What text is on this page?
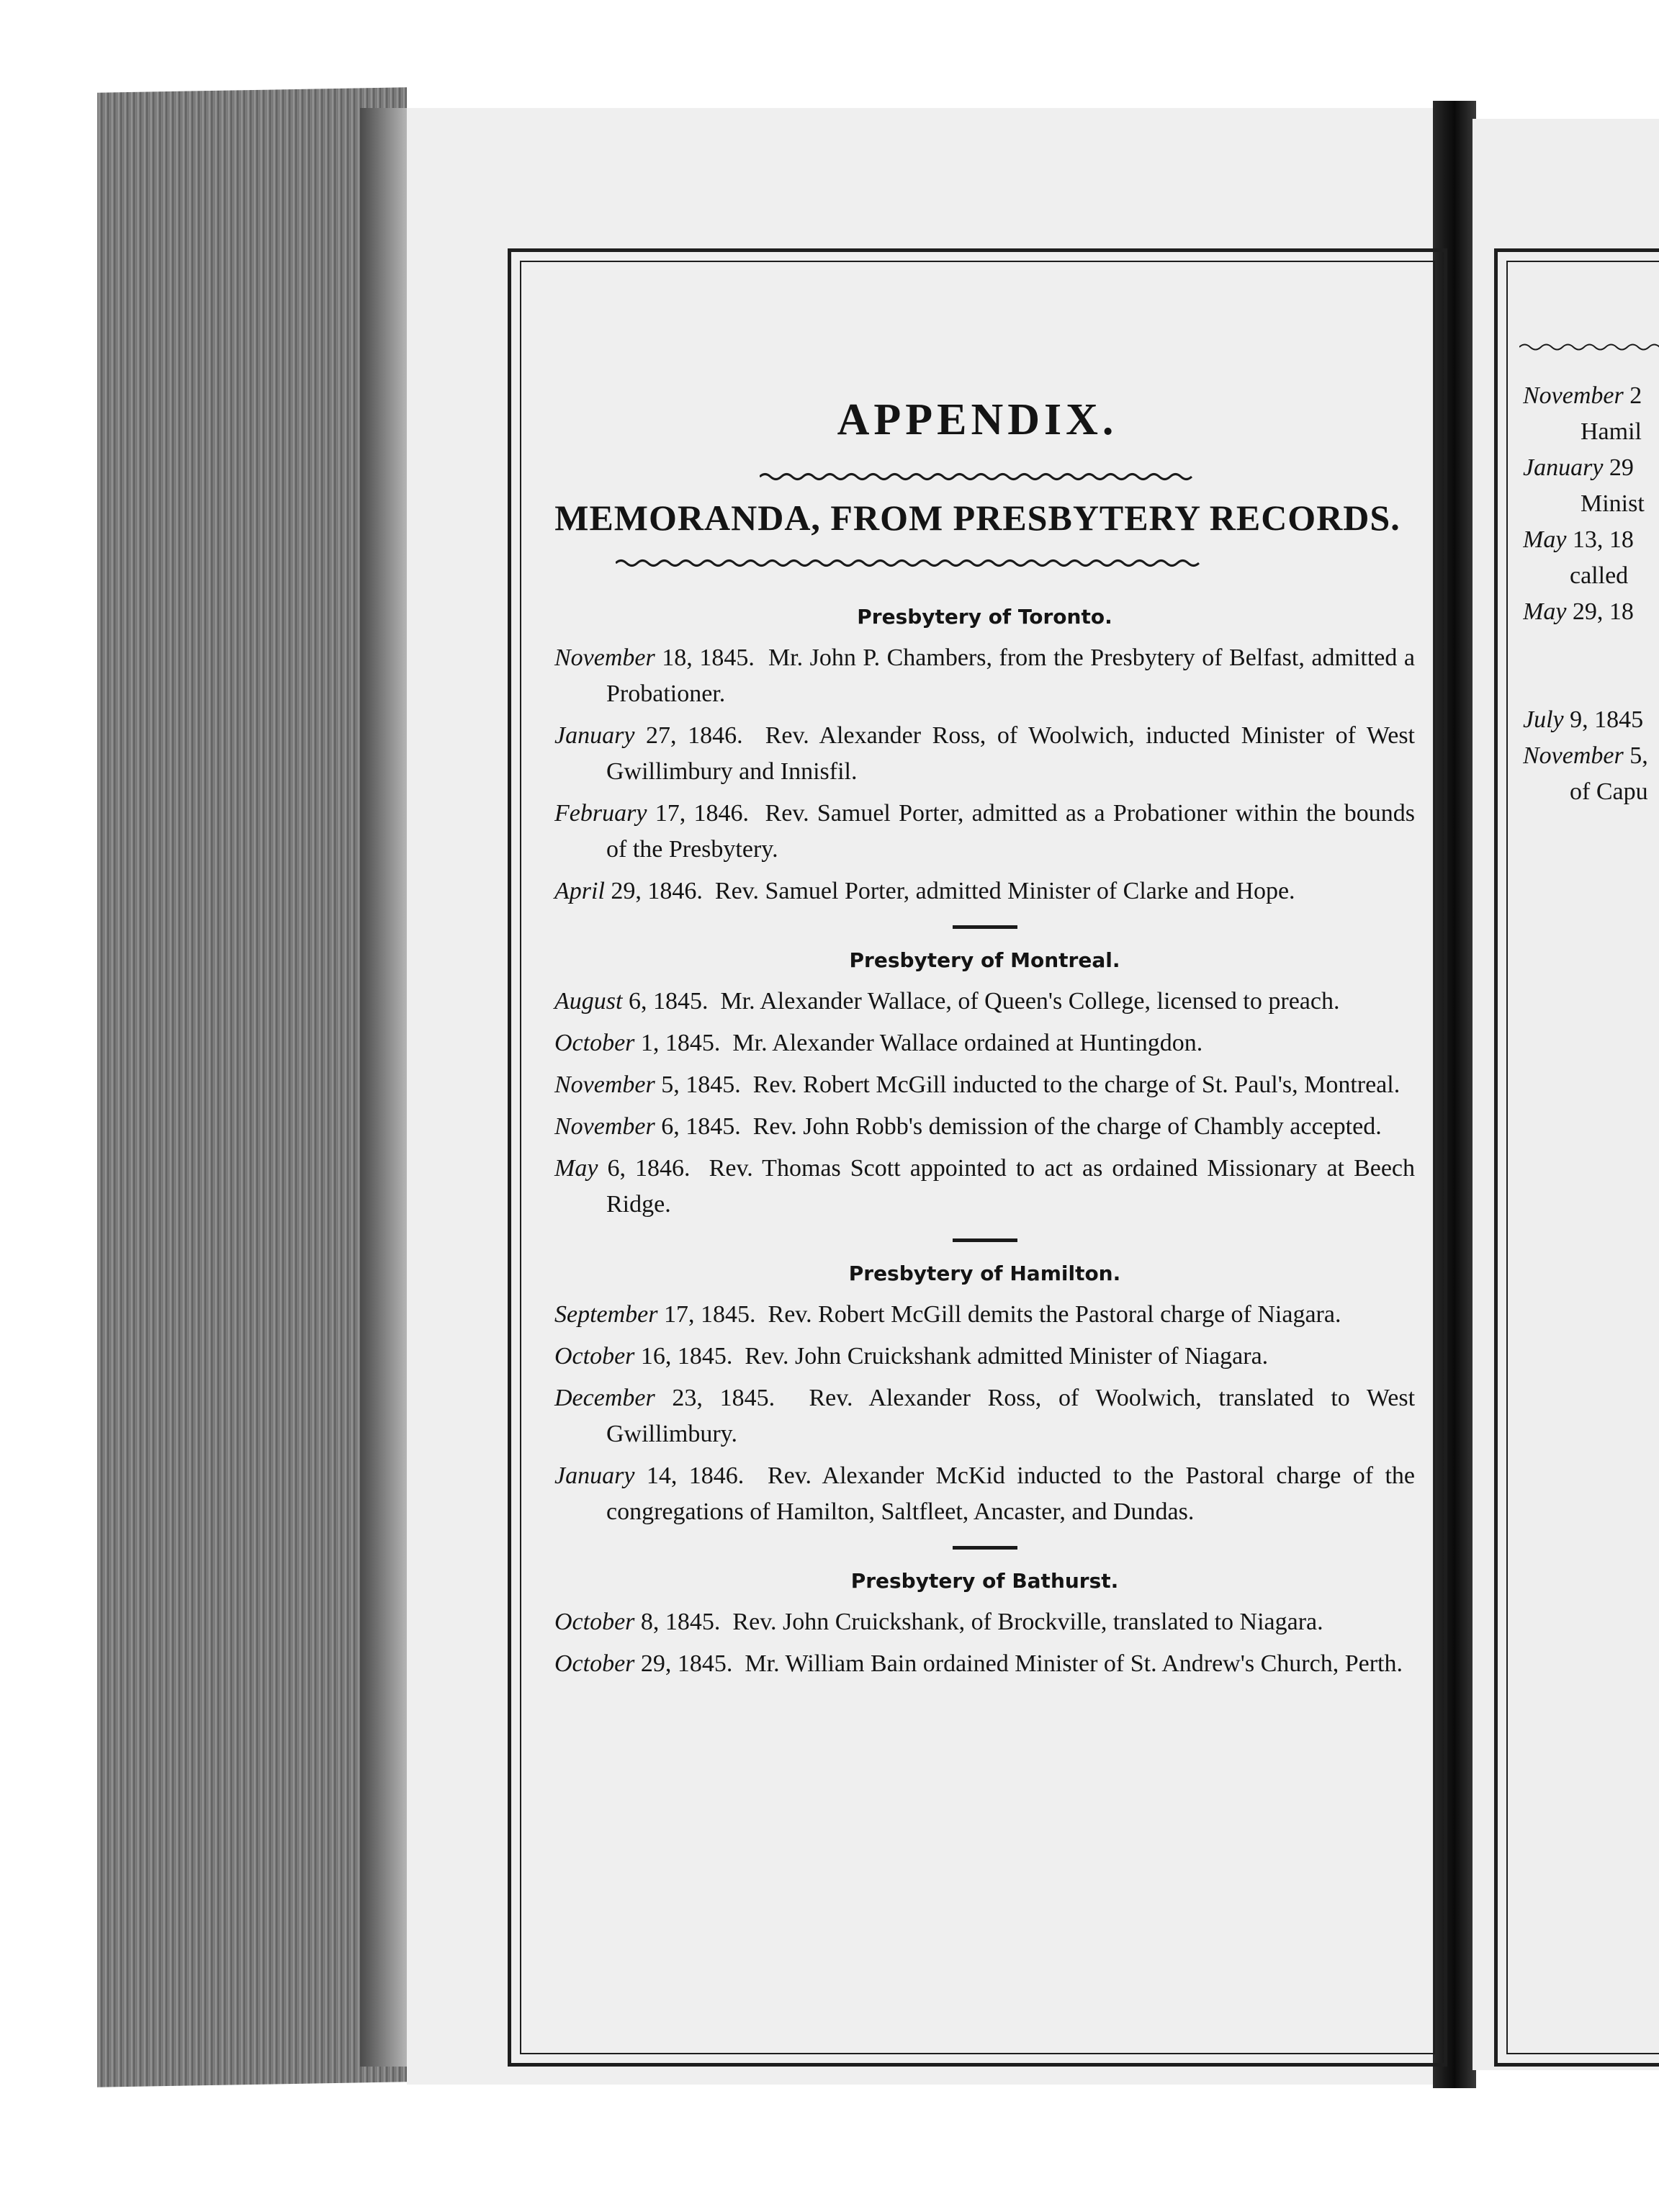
APPENDIX.
MEMORANDA, FROM PRESBYTERY RECORDS.

Presbytery of Toronto.

November 18, 1845. Mr. John P. Chambers, from the Presbytery of Belfast, admitted a Probationer.

January 27, 1846. Rev. Alexander Ross, of Woolwich, inducted Minister of West Gwillimbury and Innisfil.

February 17, 1846. Rev. Samuel Porter, admitted as a Probationer within the bounds of the Presbytery.

April 29, 1846. Rev. Samuel Porter, admitted Minister of Clarke and Hope.

Presbytery of Montreal.

August 6, 1845. Mr. Alexander Wallace, of Queen's College, licensed to preach.

October 1, 1845. Mr. Alexander Wallace ordained at Huntingdon.

November 5, 1845. Rev. Robert McGill inducted to the charge of St. Paul's, Montreal.

November 6, 1845. Rev. John Robb's demission of the charge of Chambly accepted.

May 6, 1846. Rev. Thomas Scott appointed to act as ordained Missionary at Beech Ridge.

Presbytery of Hamilton.

September 17, 1845. Rev. Robert McGill demits the Pastoral charge of Niagara.

October 16, 1845. Rev. John Cruickshank admitted Minister of Niagara.

December 23, 1845. Rev. Alexander Ross, of Woolwich, translated to West Gwillimbury.

January 14, 1846. Rev. Alexander McKid inducted to the Pastoral charge of the congregations of Hamilton, Saltfleet, Ancaster, and Dundas.

Presbytery of Bathurst.

October 8, 1845. Rev. John Cruickshank, of Brockville, translated to Niagara.

October 29, 1845. Mr. William Bain ordained Minister of St. Andrew's Church, Perth.

November 2

Hamil

January 29

Minist

May 13, 18

called

May 29, 18

July 9, 1845

November 5,

of Capu
